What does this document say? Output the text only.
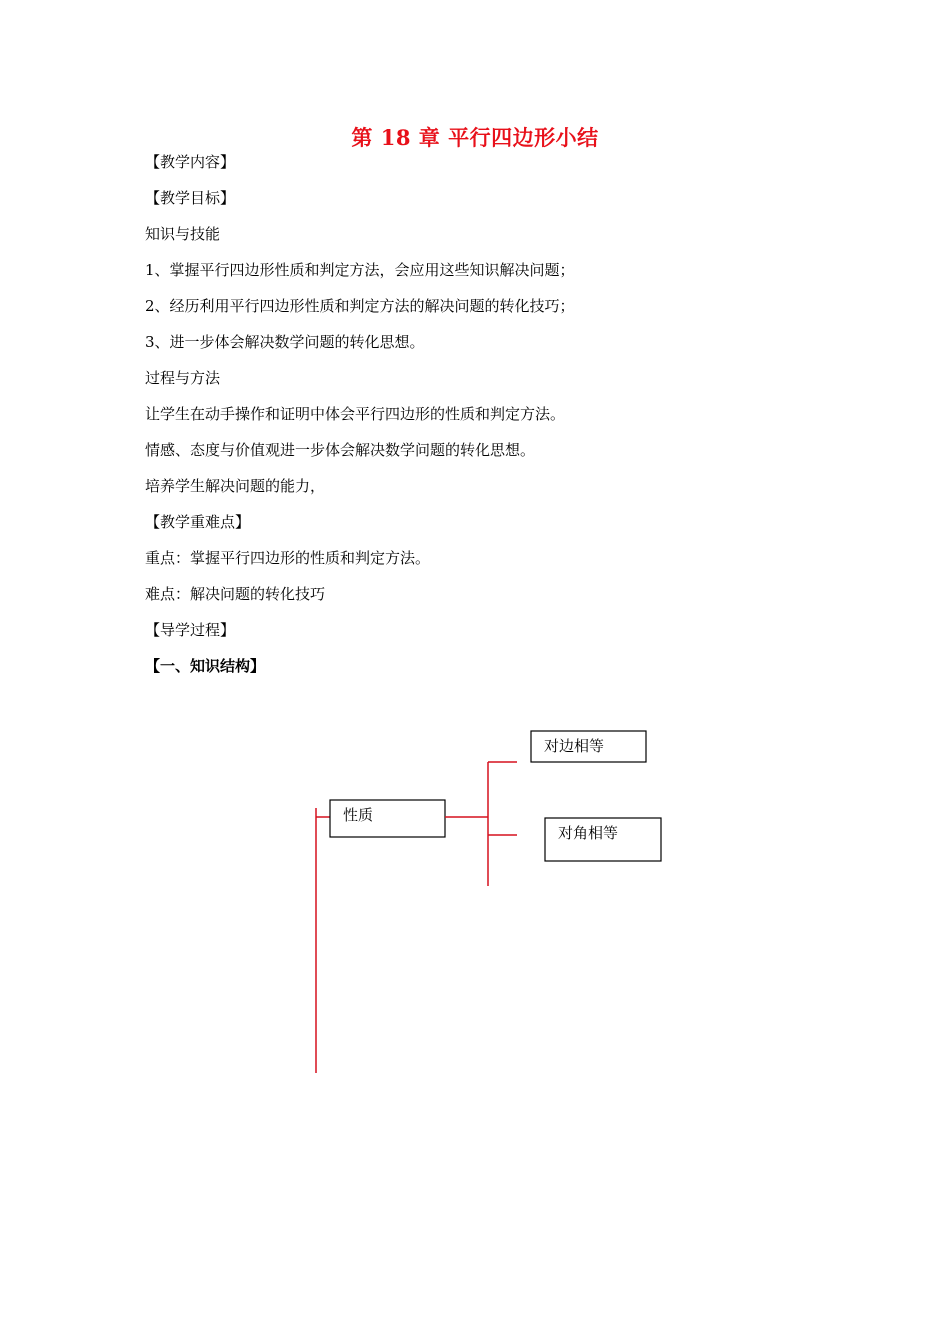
第 18 章 平行四边形小结
【教学内容】
【教学目标】
知识与技能
1、掌握平行四边形性质和判定方法，会应用这些知识解决问题；
2、经历利用平行四边形性质和判定方法的解决问题的转化技巧；
3、进一步体会解决数学问题的转化思想。
过程与方法
让学生在动手操作和证明中体会平行四边形的性质和判定方法。
情感、态度与价值观进一步体会解决数学问题的转化思想。
培养学生解决问题的能力，
【教学重难点】
重点：掌握平行四边形的性质和判定方法。
难点：解决问题的转化技巧
【导学过程】
【一、知识结构】
性质
对边相等
对角相等
